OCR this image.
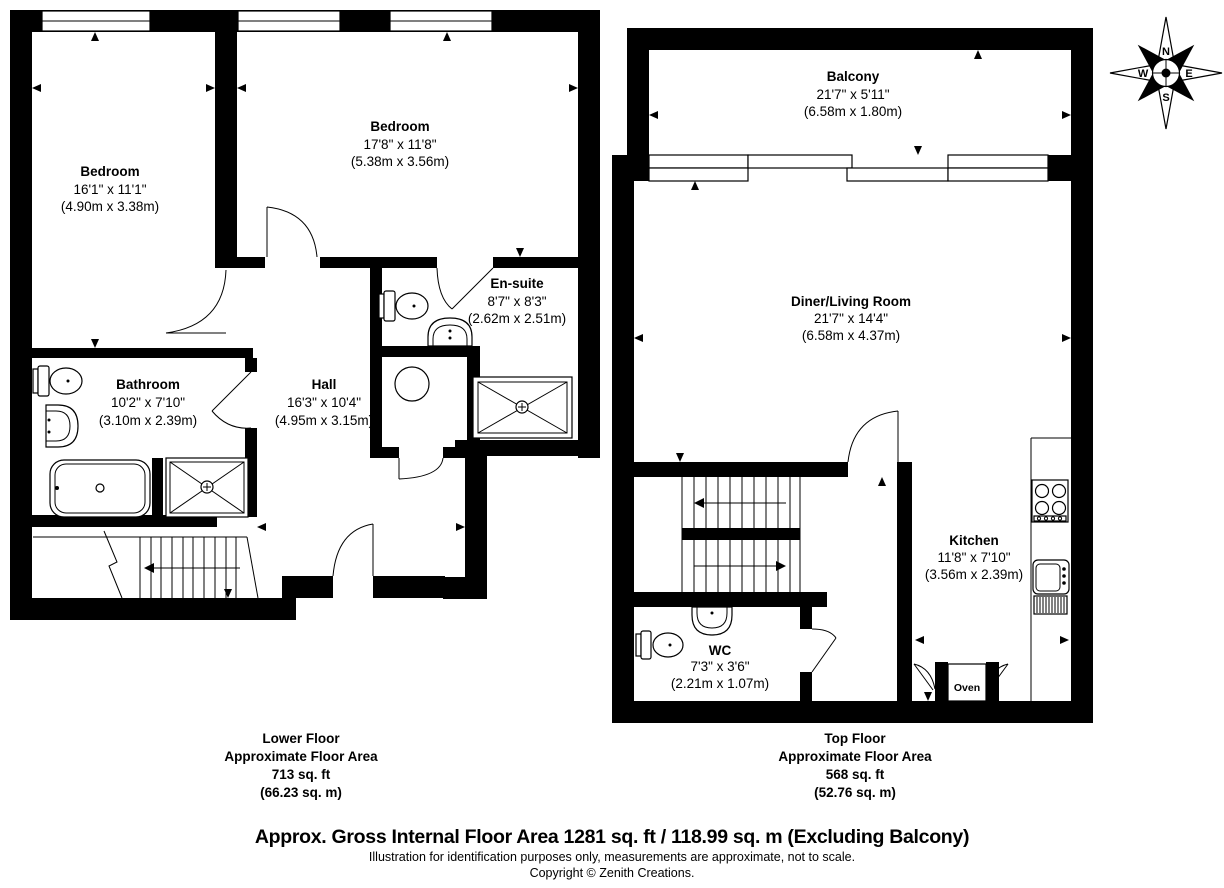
Bedroom
16'1" x 11'1"
(4.90m x 3.38m)
Bedroom
17'8" x 11'8"
(5.38m x 3.56m)
En-suite
8'7" x 8'3"
(2.62m x 2.51m)
Bathroom
10'2" x 7'10"
(3.10m x 2.39m)
Hall
16'3" x 10'4"
(4.95m x 3.15m)
Oven
Balcony
21'7" x 5'11"
(6.58m x 1.80m)
Diner/Living Room
21'7" x 14'4"
(6.58m x 4.37m)
Kitchen
11'8" x 7'10"
(3.56m x 2.39m)
WC
7'3" x 3'6"
(2.21m x 1.07m)
N
S
E
W
Lower Floor
Approximate Floor Area
713 sq. ft
(66.23 sq. m)
Top Floor
Approximate Floor Area
568 sq. ft
(52.76 sq. m)
Approx. Gross Internal Floor Area 1281 sq. ft / 118.99 sq. m (Excluding Balcony)
Illustration for identification purposes only, measurements are approximate, not to scale.
Copyright © Zenith Creations.
